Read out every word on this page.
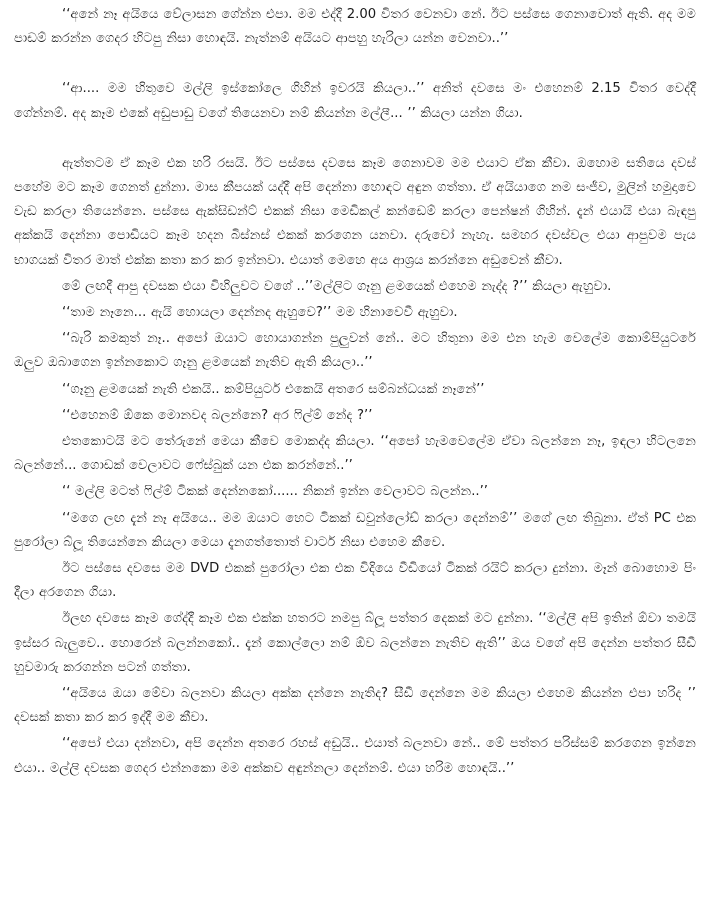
‘‘අනේ නෑ අයියෙ වේලාසන ගේන්න එපා. මම එද්දී 2.00 විතර වෙනවා නේ. ඊට පස්සෙ ගෙනාවොත් ඇති. අද මම පාඩම් කරන්න ගෙදර හිටපු නිසා හොඳයි. නැත්නම් අයියට ආපහු හැරිලා යන්න වෙනවා..’’

‘‘ආ.... මම හිතුවෙ මල්ලි ඉස්කෝලෙ ගිහින් ඉවරයි කියලා..’’ අනිත් දවසෙ මං එහෙනම් 2.15 විතර වෙද්දී ගේන්නම්. අද කෑම එකේ අඩුපාඩු වගේ තියෙනවා නම් කියන්න මල්ලී... ’’ කියලා යන්න ගියා.

ඇත්තටම ඒ කෑම එක හරි රසයි. ඊට පස්සෙ දවසෙ කෑම ගෙනාවම මම එයාට ඒක කීවා. ඔහොම සතියෙ දවස් පහේම මට කෑම ගෙනත් දුන්නා. මාස කීපයක් යද්දී අපි දෙන්නා හොඳට අඳුන ගත්තා. ඒ අයියාගෙ නම සංජීව, මුලින් හමුදාවෙ වැඩ කරලා තියෙන්නෙ. පස්සෙ ඇක්සිඩන්ට් එකක් නිසා මෙඩිකල් කන්ඩෙම් කරලා පෙන්ෂන් ගිහින්. දැන් එයායි එයා බැඳපු අක්කයි දෙන්නා පොඩියට කෑම හදන බිස්නස් එකක් කරගෙන යනවා. දරුවෝ නැහැ. සමහර දවස්වල එයා ආපුවම පැය භාගයක් විතර මාත් එක්ක කතා කර කර ඉන්නවා. එයාත් මෙහෙ අය ආශ්‍රය කරන්නෙ අඩුවෙන් කීවා.

මේ ලඟදී ආපු දවසක එයා විහිලුවට වගේ ..’’මල්ලිට ගෑනු ළමයෙක් එහෙම නැද්ද ?’’ කියලා ඇහුවා.

‘‘තාම නෑනෙ... ඇයි හොයලා දෙන්නද ඇහුවෙ?’’ මම හිනාවෙවී ඇහුවා.

‘‘බැරි කමකුත් නෑ.. අපෝ ඔයාට හොයාගන්න පුලුවන් නේ.. මට හිතුනා මම එන හැම වෙලේම කොම්පියුටරේ ඔලුව ඔබාගෙන ඉන්නකොට ගෑනු ළමයෙක් නැතිව ඇති කියලා..’’

‘‘ගෑනු ළමයෙක් නැති එකයි.. කම්පියුටර් එකෙයි අතරෙ සම්බන්ධයක් නෑනේ’’

‘‘එහෙනම් ඕකෙ මොනවද බලන්නෙ? අර ෆිල්ම් නේද ?’’

එතකොටයි මට තේරුනේ මෙයා කීවෙ මොකද්ද කියලා. ‘‘අපෝ හැමවෙලේම ඒවා බලන්නෙ නෑ, ඉඳලා හිටලනෙ බලන්නේ... ගොඩක් වෙලාවට ෆේස්බුක් යන එක කරන්නේ..’’

‘‘ මල්ලි මටත් ෆිල්ම් ටිකක් දෙන්නකෝ...... නිකන් ඉන්න වෙලාවට බලන්න..’’

‘‘මගෙ ලඟ දැන් නෑ අයියෙ.. මම ඔයාට හෙට ටිකක් ඩවුන්ලෝඩ් කරලා දෙන්නම්’’ මගේ ලඟ තිබුනා. ඒත් PC එක පුරෝලා බ්ලූ තියෙන්නෙ කියලා මෙයා දැනගත්තොත් වාටර් නිසා එහෙම කීවෙ.

ඊට පස්සෙ දවසෙ මම DVD එකක් පුරෝලා එක එක විදියෙ වීඩියෝ ටිකක් රයිට් කරලා දුන්නා. මෑන් බොහොම පිං දීලා අරගෙන ගියා.

ඊලඟ දවසෙ කෑම ගේද්දී කෑම එක එක්ක හතරට නමපු බ්ලූ පත්තර දෙකක් මට දුන්නා. ‘‘මල්ලී අපි ඉතින් ඕවා තමයි ඉස්සර බැලුවෙ.. හොරෙන් බලන්නකෝ.. දැන් කොල්ලො නම් ඕව බලන්නෙ නැතිව ඇති’’ ඔය වගේ අපි දෙන්න පත්තර සීඩී හුවමාරු කරගන්න පටන් ගත්තා.

‘‘අයියෙ ඔයා මේවා බලනවා කියලා අක්ක දන්නෙ නැතිද? සීඩී දෙන්නෙ මම කියලා එහෙම කියන්න එපා හරිද ’’ දවසක් කතා කර කර ඉද්දී මම කීවා.

‘‘අපෝ එයා දන්නවා, අපි දෙන්න අතරෙ රහස් අඩුයි.. එයාත් බලනවා නේ.. මේ පත්තර පරිස්සම් කරගෙන ඉන්නෙ එයා.. මල්ලි දවසක ගෙදර එන්නකො මම අක්කව අඳුන්නලා දෙන්නම්. එයා හරිම හොඳයි..’’
